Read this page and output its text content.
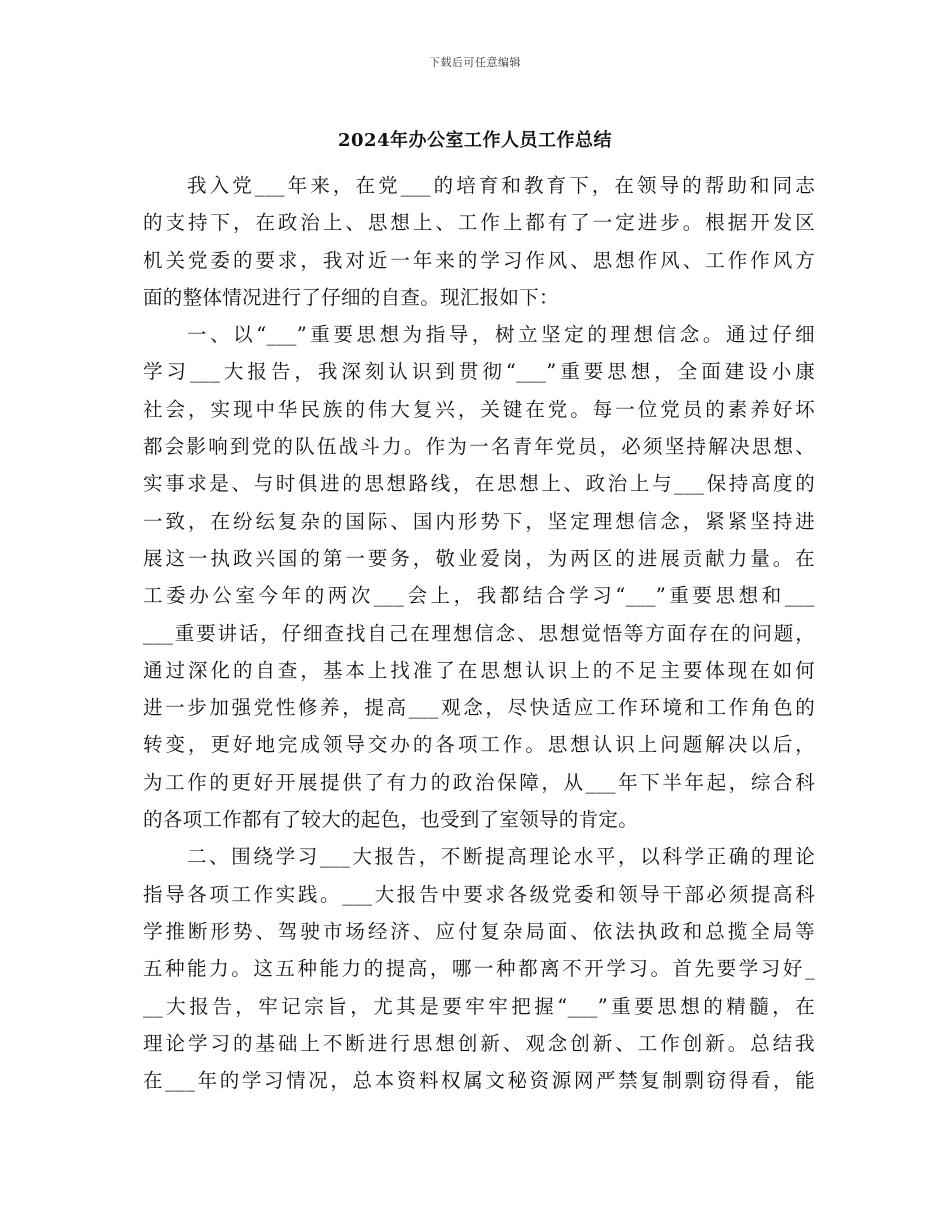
下载后可任意编辑
2024年办公室工作人员工作总结
我入党___年来，在党___的培育和教育下，在领导的帮助和同志
的支持下，在政治上、思想上、工作上都有了一定进步。根据开发区
机关党委的要求，我对近一年来的学习作风、思想作风、工作作风方
面的整体情况进行了仔细的自查。现汇报如下：
一、以“___”重要思想为指导，树立坚定的理想信念。通过仔细
学习___大报告，我深刻认识到贯彻“___”重要思想，全面建设小康
社会，实现中华民族的伟大复兴，关键在党。每一位党员的素养好坏
都会影响到党的队伍战斗力。作为一名青年党员，必须坚持解决思想、
实事求是、与时俱进的思想路线，在思想上、政治上与___保持高度的
一致，在纷纭复杂的国际、国内形势下，坚定理想信念，紧紧坚持进
展这一执政兴国的第一要务，敬业爱岗，为两区的进展贡献力量。在
工委办公室今年的两次___会上，我都结合学习“___”重要思想和___
___重要讲话，仔细查找自己在理想信念、思想觉悟等方面存在的问题，
通过深化的自查，基本上找准了在思想认识上的不足主要体现在如何
进一步加强党性修养，提高___观念，尽快适应工作环境和工作角色的
转变，更好地完成领导交办的各项工作。思想认识上问题解决以后，
为工作的更好开展提供了有力的政治保障，从___年下半年起，综合科
的各项工作都有了较大的起色，也受到了室领导的肯定。
二、围绕学习___大报告，不断提高理论水平，以科学正确的理论
指导各项工作实践。___大报告中要求各级党委和领导干部必须提高科
学推断形势、驾驶市场经济、应付复杂局面、依法执政和总揽全局等
五种能力。这五种能力的提高，哪一种都离不开学习。首先要学习好_
__大报告，牢记宗旨，尤其是要牢牢把握“___”重要思想的精髓，在
理论学习的基础上不断进行思想创新、观念创新、工作创新。总结我
在___年的学习情况，总本资料权属文秘资源网严禁复制剽窃得看，能
